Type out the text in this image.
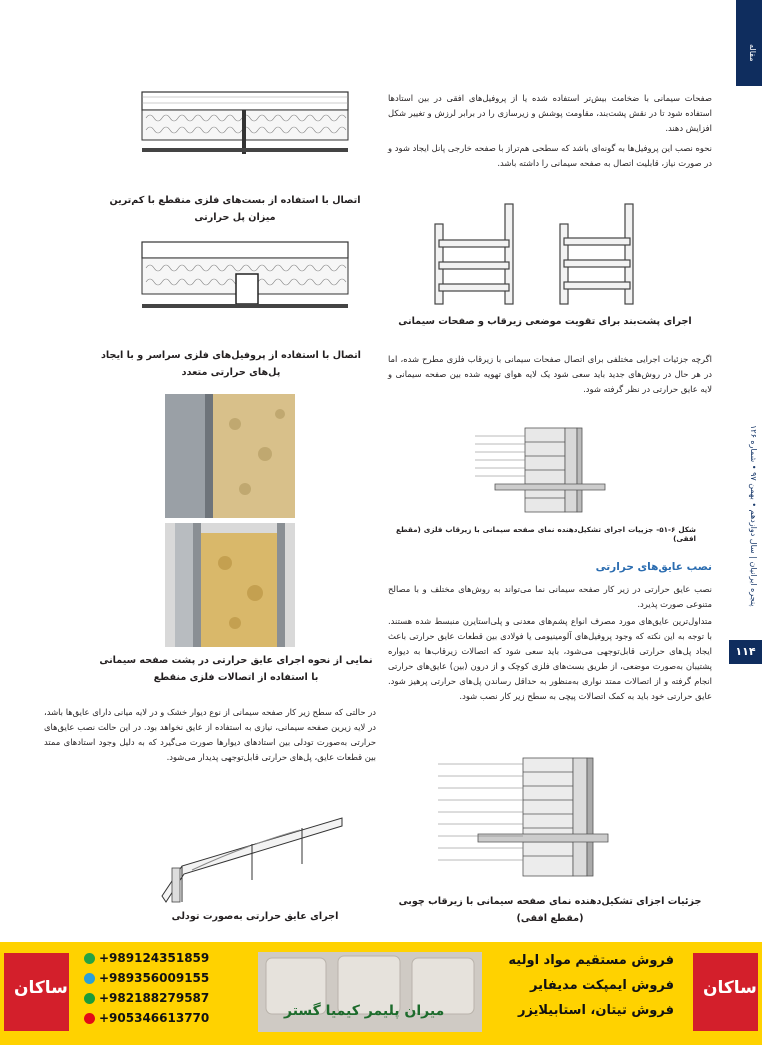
مقاله
پنجره ایرانیان | سال دوازدهم • بهمن ۹۷ • شماره ۱۲۶
۱۱۴
صفحات سیمانی با ضخامت بیش‌تر استفاده شده یا از پروفیل‌های افقی در بین استادها استفاده شود تا در نقش پشت‌بند، مقاومت پوشش و زیرسازی را در برابر لرزش و تغییر شکل افزایش دهند.
نحوه نصب این پروفیل‌ها به گونه‌ای باشد که سطحی هم‌تراز با صفحه خارجی پانل ایجاد شود و در صورت نیاز، قابلیت اتصال به صفحه سیمانی را داشته باشد.
اجرای پشت‌بند برای تقویت موضعی زیرقاب و صفحات سیمانی
اگرچه جزئیات اجرایی مختلفی برای اتصال صفحات سیمانی با زیرقاب فلزی مطرح شده، اما در هر حال در روش‌های جدید باید سعی شود یک لایه هوای تهویه شده بین صفحه سیمانی و لایه عایق حرارتی در نظر گرفته شود.
شکل ۶-۵۱- جزییات اجرای تشکیل‌دهنده نمای صفحه سیمانی با زیرقاب فلزی (مقطع افقی)
نصب عایق‌های حرارتی
نصب عایق حرارتی در زیر کار صفحه سیمانی نما می‌تواند به روش‌های مختلف و با مصالح متنوعی صورت پذیرد.
متداول‌ترین عایق‌های مورد مصرف انواع پشم‌های معدنی و پلی‌استایرن منبسط شده هستند. با توجه به این نکته که وجود پروفیل‌های آلومینیومی یا فولادی بین قطعات عایق حرارتی باعث ایجاد پل‌های حرارتی قابل‌توجهی می‌شود، باید سعی شود که اتصالات زیرقاب‌ها به دیواره پشتیبان به‌صورت موضعی، از طریق بست‌های فلزی کوچک و از درون (بین) عایق‌های حرارتی انجام گرفته و از اتصالات ممتد نواری به‌منظور به حداقل رساندن پل‌های حرارتی پرهیز شود. عایق حرارتی خود باید به کمک اتصالات پیچی به سطح زیر کار نصب شود.
جزئیات اجزای تشکیل‌دهنده نمای صفحه سیمانی با زیرقاب چوبی (مقطع افقی)
اتصال با استفاده از بست‌های فلزی منقطع با کم‌ترین میزان پل حرارتی
اتصال با استفاده از پروفیل‌های فلزی سراسر و با ایجاد پل‌های حرارتی متعدد
نمایی از نحوه اجرای عایق حرارتی در پشت صفحه سیمانی با استفاده از اتصالات فلزی منقطع
در حالتی که سطح زیر کار صفحه سیمانی از نوع دیوار خشک و در لایه میانی دارای عایق‌ها باشد، در لایه زیرین صفحه سیمانی، نیازی به استفاده از عایق نخواهد بود. در این حالت نصب عایق‌های حرارتی به‌صورت تودلی بین استادهای دیوارها صورت می‌گیرد که به دلیل وجود استادهای ممتد بین قطعات عایق، پل‌های حرارتی قابل‌توجهی پدیدار می‌شود.
اجرای عایق حرارتی به‌صورت تودلی
ساکان	ساکان
+989124351859
+989356009155
+982188279587
+905346613770	میران پلیمر کیمیا گستر
فروش مستقیم مواد اولیه
فروش ایمپکت مدیفایر
فروش تیتان، استابیلایزر
